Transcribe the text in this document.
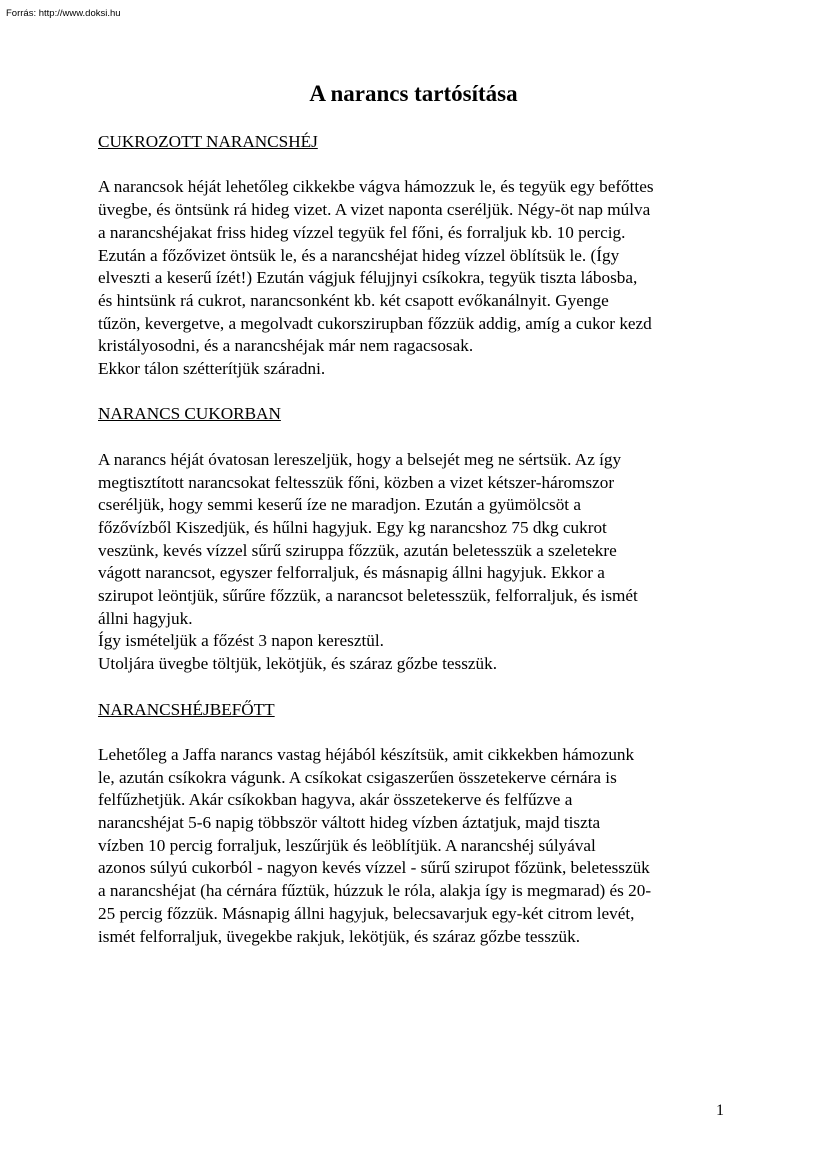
Forrás: http://www.doksi.hu
A narancs tartósítása

CUKROZOTT NARANCSHÉJ

A narancsok héját lehetőleg cikkekbe vágva hámozzuk le, és tegyük egy befőttes
üvegbe, és öntsünk rá hideg vizet. A vizet naponta cseréljük. Négy-öt nap múlva
a narancshéjakat friss hideg vízzel tegyük fel főni, és forraljuk kb. 10 percig.
Ezután a főzővizet öntsük le, és a narancshéjat hideg vízzel öblítsük le. (Így
elveszti a keserű ízét!) Ezután vágjuk félujjnyi csíkokra, tegyük tiszta lábosba,
és hintsünk rá cukrot, narancsonként kb. két csapott evőkanálnyit. Gyenge
tűzön, kevergetve, a megolvadt cukorszirupban főzzük addig, amíg a cukor kezd
kristályosodni, és a narancshéjak már nem ragacsosak.
Ekkor tálon szétterítjük száradni.

NARANCS CUKORBAN

A narancs héját óvatosan lereszeljük, hogy a belsejét meg ne sértsük. Az így
megtisztított narancsokat feltesszük főni, közben a vizet kétszer-háromszor
cseréljük, hogy semmi keserű íze ne maradjon. Ezután a gyümölcsöt a
főzővízből Kiszedjük, és hűlni hagyjuk. Egy kg narancshoz 75 dkg cukrot
veszünk, kevés vízzel sűrű szirupра főzzük, azután beletesszük a szeletekre
vágott narancsot, egyszer felforraljuk, és másnapig állni hagyjuk. Ekkor a
szirupot leöntjük, sűrűre főzzük, a narancsot beletesszük, felforraljuk, és ismét
állni hagyjuk.
Így ismételjük a főzést 3 napon keresztül.
Utoljára üvegbe töltjük, lekötjük, és száraz gőzbe tesszük.

NARANCSHÉJBEFŐTT

Lehetőleg a Jaffa narancs vastag héjából készítsük, amit cikkekben hámozunk
le, azután csíkokra vágunk. A csíkokat csigaszerűen összetekerve cérnára is
felfűzhetjük. Akár csíkokban hagyva, akár összetekerve és felfűzve a
narancshéjat 5-6 napig többször váltott hideg vízben áztatjuk, majd tiszta
vízben 10 percig forraljuk, leszűrjük és leöblítjük. A narancshéj súlyával
azonos súlyú cukorból - nagyon kevés vízzel - sűrű szirupot főzünk, beletesszük
a narancshéjat (ha cérnára fűztük, húzzuk le róla, alakja így is megmarad) és 20-
25 percig főzzük. Másnapig állni hagyjuk, belecsavarjuk egy-két citrom levét,
ismét felforraljuk, üvegekbe rakjuk, lekötjük, és száraz gőzbe tesszük.

1
